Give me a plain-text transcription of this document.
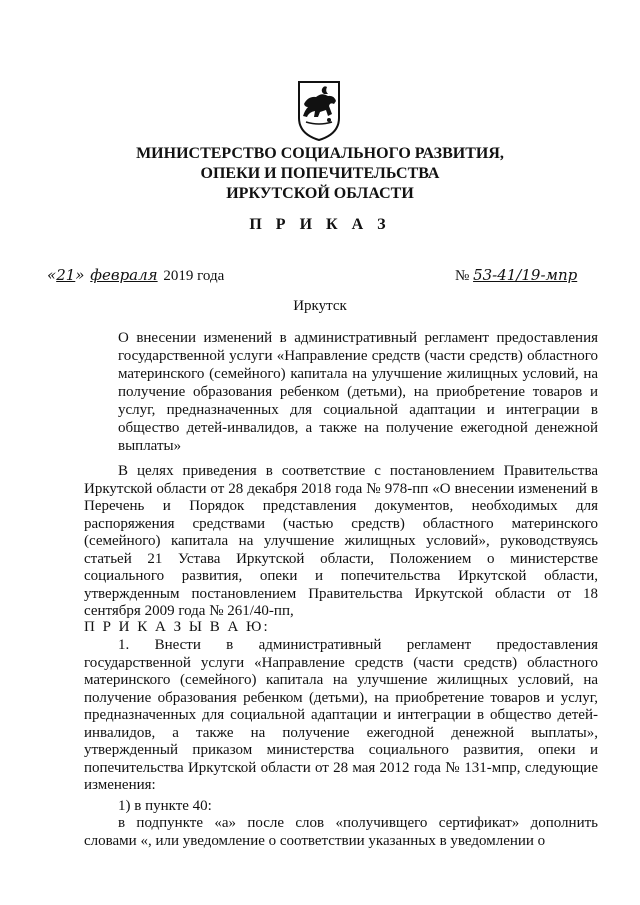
МИНИСТЕРСТВО СОЦИАЛЬНОГО РАЗВИТИЯ,
ОПЕКИ И ПОПЕЧИТЕЛЬСТВА
ИРКУТСКОЙ ОБЛАСТИ
П Р И К А З
«21» февраля 2019 года	№ 53-41/19-мпр
Иркутск
О внесении изменений в административный регламент предоставления государственной услуги «Направление средств (части средств) областного материнского (семейного) капитала на улучшение жилищных условий, на получение образования ребенком (детьми), на приобретение товаров и услуг, предназначенных для социальной адаптации и интеграции в общество детей-инвалидов, а также на получение ежегодной денежной выплаты»
В целях приведения в соответствие с постановлением Правительства Иркутской области от 28 декабря 2018 года № 978-пп «О внесении изменений в Перечень и Порядок представления документов, необходимых для распоряжения средствами (частью средств) областного материнского (семейного) капитала на улучшение жилищных условий», руководствуясь статьей 21 Устава Иркутской области, Положением о министерстве социального развития, опеки и попечительства Иркутской области, утвержденным постановлением Правительства Иркутской области от 18 сентября 2009 года № 261/40-пп,
П Р И К А З Ы В А Ю:
1. Внести в административный регламент предоставления государственной услуги «Направление средств (части средств) областного материнского (семейного) капитала на улучшение жилищных условий, на получение образования ребенком (детьми), на приобретение товаров и услуг, предназначенных для социальной адаптации и интеграции в общество детей-инвалидов, а также на получение ежегодной денежной выплаты», утвержденный приказом министерства социального развития, опеки и попечительства Иркутской области от 28 мая 2012 года № 131-мпр, следующие изменения:
1) в пункте 40:
в подпункте «а» после слов «получивщего сертификат» дополнить словами «, или уведомление о соответствии указанных в уведомлении о
